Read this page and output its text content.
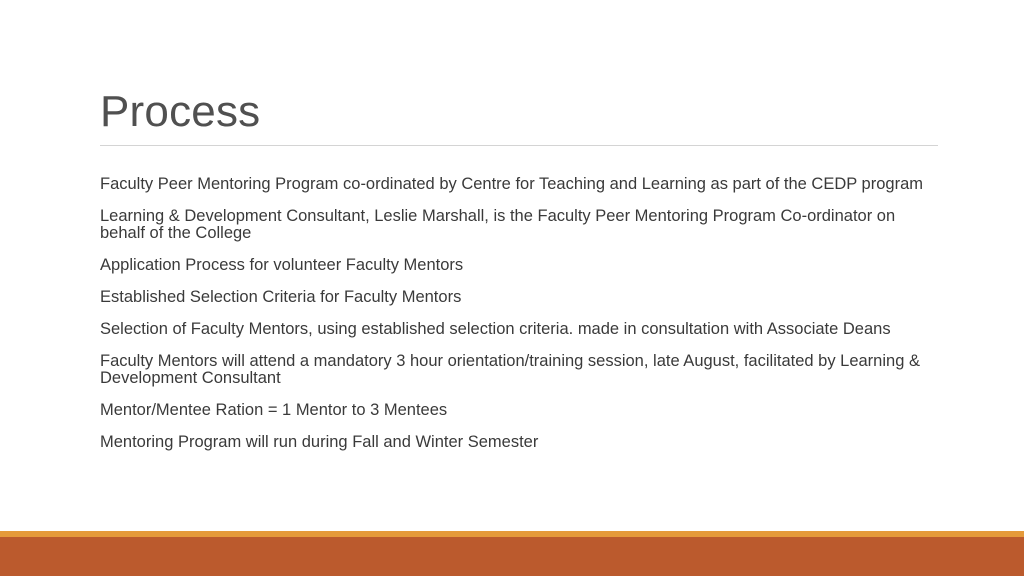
Process
Faculty Peer Mentoring Program co-ordinated by Centre for Teaching and Learning as part of the CEDP program
Learning & Development Consultant, Leslie Marshall, is the Faculty Peer Mentoring Program Co-ordinator on behalf of the College
Application Process for volunteer Faculty Mentors
Established Selection Criteria for Faculty Mentors
Selection of Faculty Mentors, using established selection criteria. made in consultation with Associate Deans
Faculty Mentors will attend a mandatory 3 hour orientation/training session, late August, facilitated by Learning & Development Consultant
Mentor/Mentee Ration = 1 Mentor to 3 Mentees
Mentoring Program will run during Fall and Winter Semester
